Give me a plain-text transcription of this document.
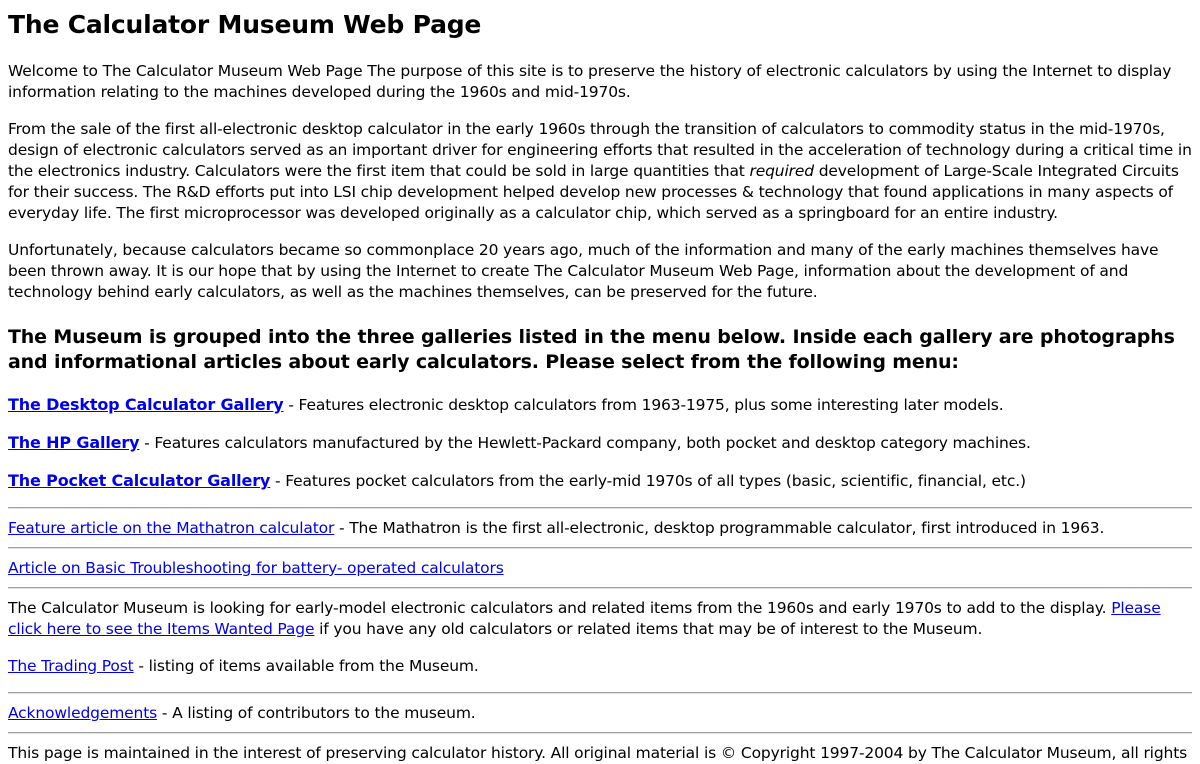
The Calculator Museum Web Page

Welcome to The Calculator Museum Web Page The purpose of this site is to preserve the history of electronic calculators by using the Internet to display information relating to the machines developed during the 1960s and mid-1970s.

From the sale of the first all-electronic desktop calculator in the early 1960s through the transition of calculators to commodity status in the mid-1970s, design of electronic calculators served as an important driver for engineering efforts that resulted in the acceleration of technology during a critical time in the electronics industry. Calculators were the first item that could be sold in large quantities that required development of Large-Scale Integrated Circuits for their success. The R&D efforts put into LSI chip development helped develop new processes & technology that found applications in many aspects of everyday life. The first microprocessor was developed originally as a calculator chip, which served as a springboard for an entire industry.

Unfortunately, because calculators became so commonplace 20 years ago, much of the information and many of the early machines themselves have been thrown away. It is our hope that by using the Internet to create The Calculator Museum Web Page, information about the development of and technology behind early calculators, as well as the machines themselves, can be preserved for the future.

The Museum is grouped into the three galleries listed in the menu below. Inside each gallery are photographs and informational articles about early calculators. Please select from the following menu:
The Desktop Calculator Gallery - Features electronic desktop calculators from 1963-1975, plus some interesting later models.
The HP Gallery - Features calculators manufactured by the Hewlett-Packard company, both pocket and desktop category machines.
The Pocket Calculator Gallery - Features pocket calculators from the early-mid 1970s of all types (basic, scientific, financial, etc.)
Feature article on the Mathatron calculator - The Mathatron is the first all-electronic, desktop programmable calculator, first introduced in 1963.
Article on Basic Troubleshooting for battery- operated calculators
The Calculator Museum is looking for early-model electronic calculators and related items from the 1960s and early 1970s to add to the display. Please click here to see the Items Wanted Page if you have any old calculators or related items that may be of interest to the Museum.
The Trading Post - listing of items available from the Museum.
Acknowledgements - A listing of contributors to the museum.
This page is maintained in the interest of preserving calculator history. All original material is © Copyright 1997-2004 by The Calculator Museum, all rights
